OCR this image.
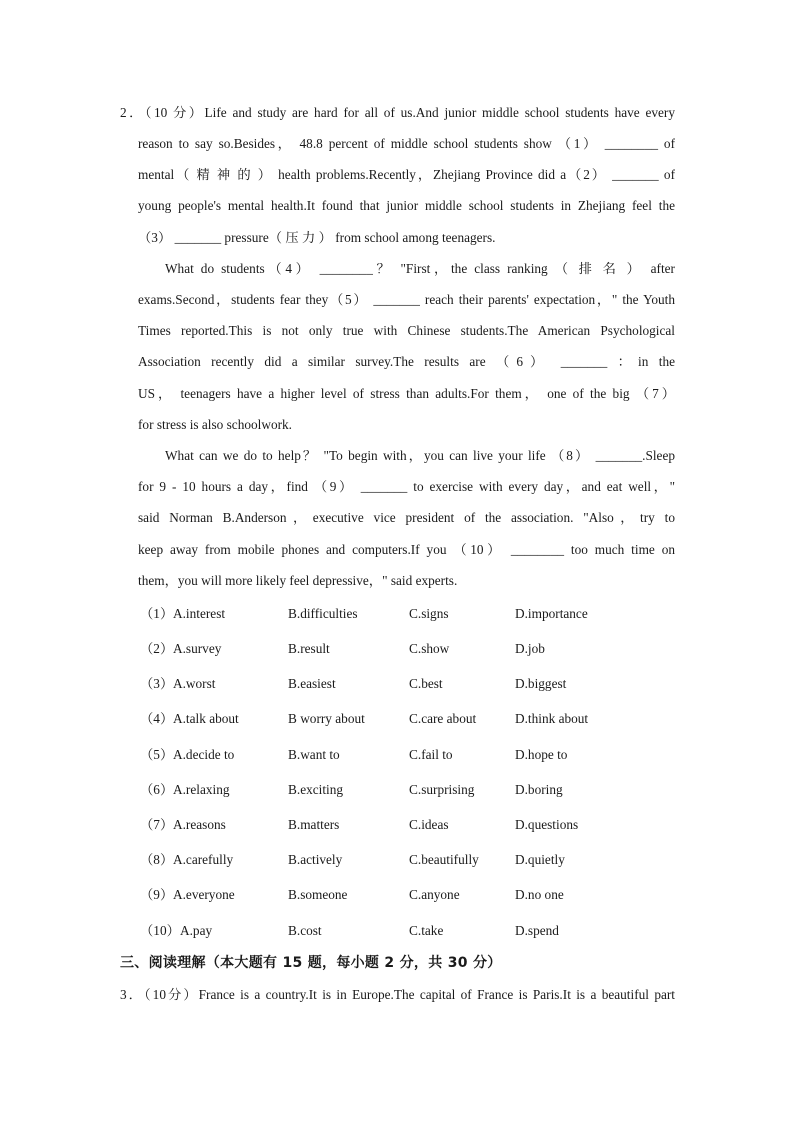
2．（10 分）Life and study are hard for all of us.And junior middle school students have every
reason to say so.Besides， 48.8 percent of middle school students show （1） ________ of
mental（ 精 神 的 ） health problems.Recently，Zhejiang Province did a（2） _______ of
young people's mental health.It found that junior middle school students in Zhejiang feel the
（3） _______ pressure（ 压 力 ） from school among teenagers.
What do students（4） ________？ "First，the class ranking （ 排 名 ） after
exams.Second，students fear they（5） _______ reach their parents' expectation，" the Youth
Times reported.This is not only true with Chinese students.The American Psychological
Association recently did a similar survey.The results are （6） _______ ：in the
US， teenagers have a higher level of stress than adults.For them， one of the big （7）
for stress is also schoolwork.
What can we do to help？ "To begin with，you can live your life （8） _______.Sleep
for 9 - 10 hours a day，find （9） _______ to exercise with every day，and eat well，"
said Norman B.Anderson，executive vice president of the association. "Also，try to
keep away from mobile phones and computers.If you （10） ________ too much time on
them，you will more likely feel depressive，" said experts.
（1） A.interest	B.difficulties	C.signs	D.importance
（2） A.survey	B.result	C.show	D.job
（3） A.worst	B.easiest	C.best	D.biggest
（4） A.talk about	B worry about	C.care about	D.think about
（5） A.decide to	B.want to	C.fail to	D.hope to
（6） A.relaxing	B.exciting	C.surprising	D.boring
（7） A.reasons	B.matters	C.ideas	D.questions
（8） A.carefully	B.actively	C.beautifully	D.quietly
（9） A.everyone	B.someone	C.anyone	D.no one
（10） A.pay	B.cost	C.take	D.spend
三、阅读理解（本大题有 15 题，每小题 2 分，共 30 分）
3．（10分）France is a country.It is in Europe.The capital of France is Paris.It is a beautiful part
